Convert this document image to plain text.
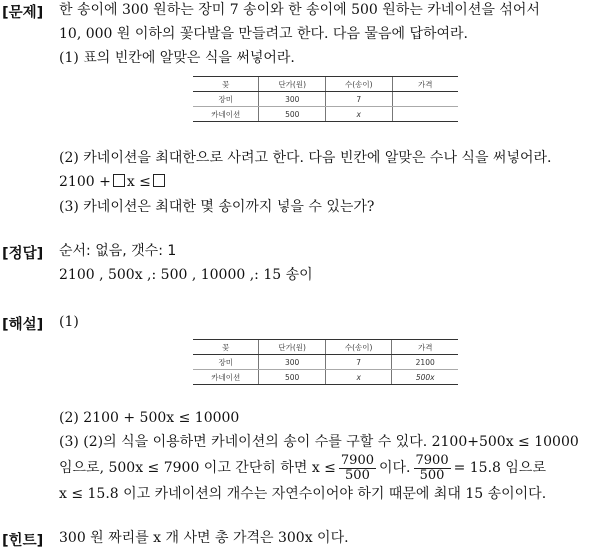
[문제] 한 송이에 300 원하는 장미 7 송이와 한 송이에 500 원하는 카네이션을 섞어서
10, 000 원 이하의 꽃다발을 만들려고 한다. 다음 물음에 답하여라.
(1) 표의 빈칸에 알맞은 식을 써넣어라.
꽃	단가(원)	수(송이)	가격
장미	300	7	
카네이션	500	x	
(2) 카네이션을 최대한으로 사려고 한다. 다음 빈칸에 알맞은 수나 식을 써넣어라.
2100 + x ≤
(3) 카네이션은 최대한 몇 송이까지 넣을 수 있는가?
[정답] 순서: 없음, 갯수: 1
2100 , 500x ,: 500 , 10000 ,: 15 송이
[해설] (1)
꽃	단가(원)	수(송이)	가격
장미	300	7	2100
카네이션	500	x	500x
(2) 2100 + 500x ≤ 10000
(3) (2)의 식을 이용하면 카네이션의 송이 수를 구할 수 있다. 2100+500x ≤ 10000
임으로, 500x ≤ 7900 이고 간단히 하면 $x \le \frac{7900}{500}$ 이다. $\frac{7900}{500} = 15.8$ 임으로
x ≤ 15.8 이고 카네이션의 개수는 자연수이어야 하기 때문에 최대 15 송이이다.
[힌트] 300 원 짜리를 x 개 사면 총 가격은 300x 이다.
